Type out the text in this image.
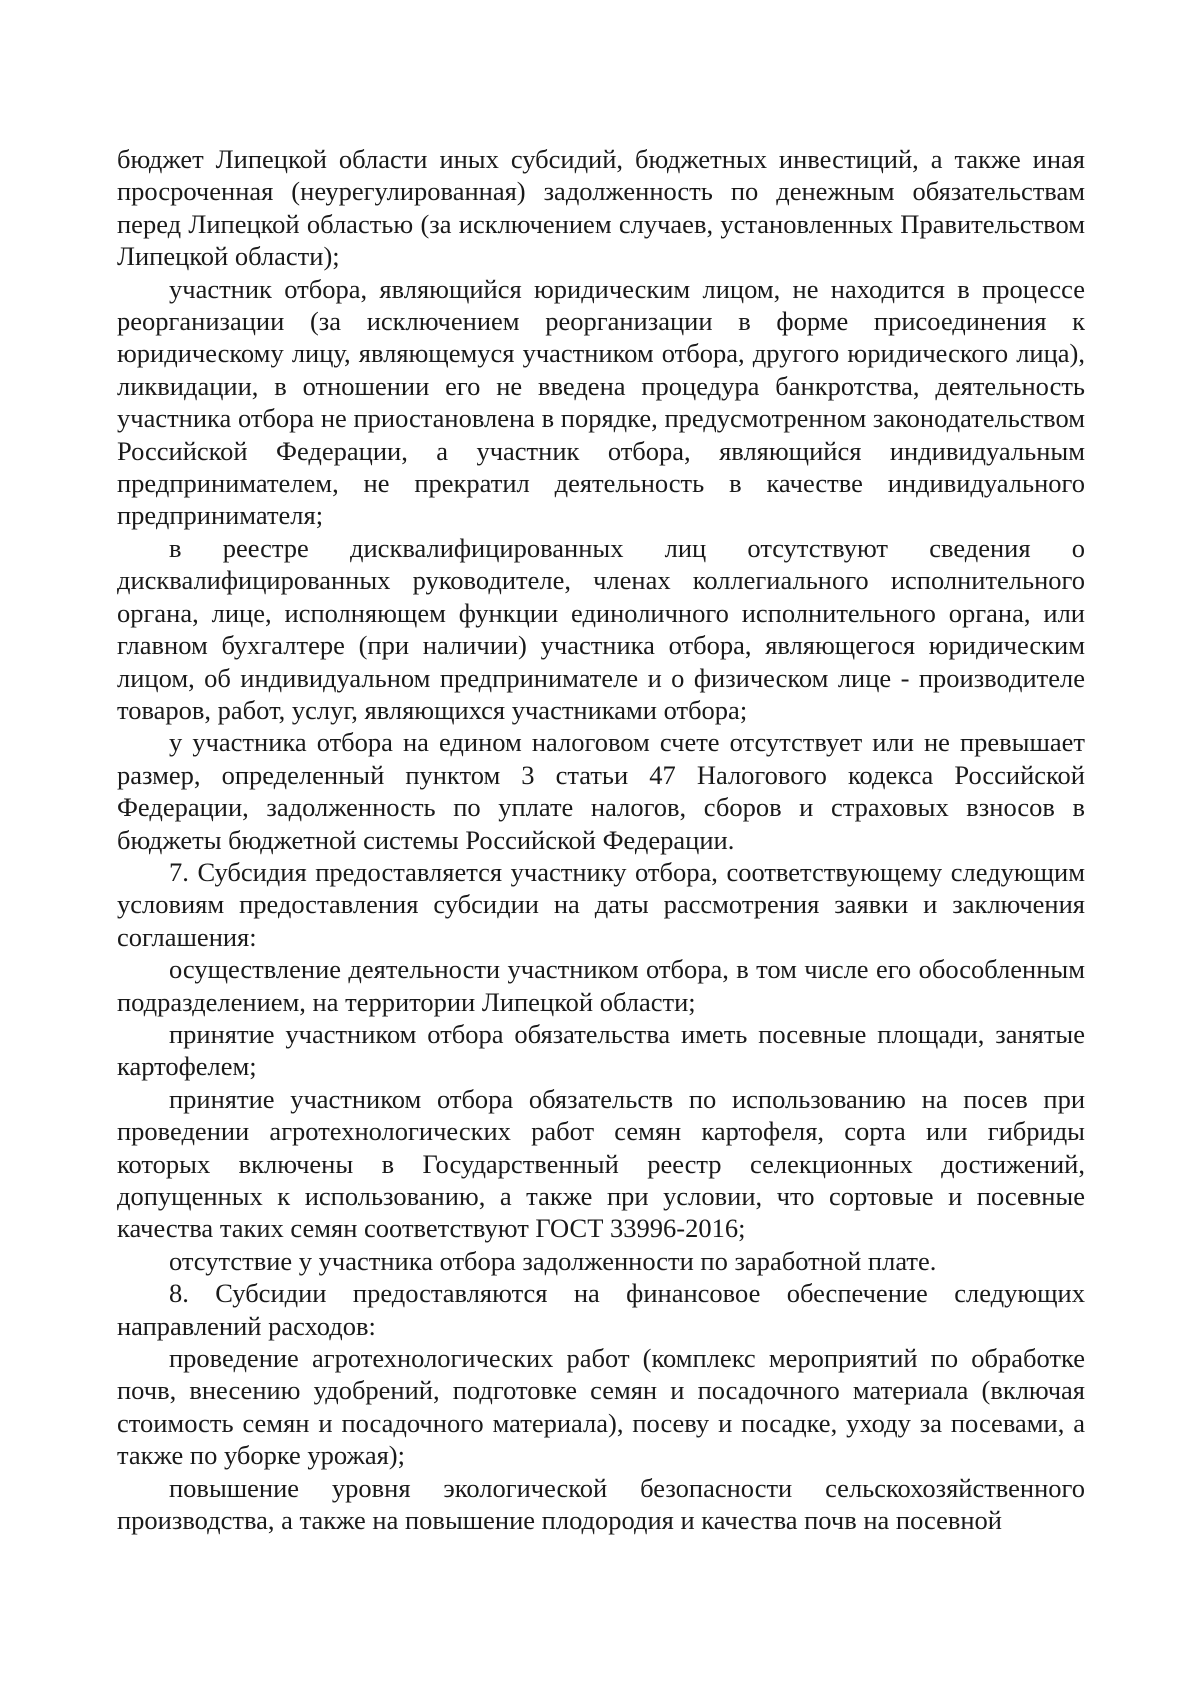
бюджет Липецкой области иных субсидий, бюджетных инвестиций, а также иная просроченная (неурегулированная) задолженность по денежным обязательствам перед Липецкой областью (за исключением случаев, установленных Правительством Липецкой области);

участник отбора, являющийся юридическим лицом, не находится в процессе реорганизации (за исключением реорганизации в форме присоединения к юридическому лицу, являющемуся участником отбора, другого юридического лица), ликвидации, в отношении его не введена процедура банкротства, деятельность участника отбора не приостановлена в порядке, предусмотренном законодательством Российской Федерации, а участник отбора, являющийся индивидуальным предпринимателем, не прекратил деятельность в качестве индивидуального предпринимателя;

в реестре дисквалифицированных лиц отсутствуют сведения о дисквалифицированных руководителе, членах коллегиального исполнительного органа, лице, исполняющем функции единоличного исполнительного органа, или главном бухгалтере (при наличии) участника отбора, являющегося юридическим лицом, об индивидуальном предпринимателе и о физическом лице - производителе товаров, работ, услуг, являющихся участниками отбора;

у участника отбора на едином налоговом счете отсутствует или не превышает размер, определенный пунктом 3 статьи 47 Налогового кодекса Российской Федерации, задолженность по уплате налогов, сборов и страховых взносов в бюджеты бюджетной системы Российской Федерации.

7. Субсидия предоставляется участнику отбора, соответствующему следующим условиям предоставления субсидии на даты рассмотрения заявки и заключения соглашения:

осуществление деятельности участником отбора, в том числе его обособленным подразделением, на территории Липецкой области;

принятие участником отбора обязательства иметь посевные площади, занятые картофелем;

принятие участником отбора обязательств по использованию на посев при проведении агротехнологических работ семян картофеля, сорта или гибриды которых включены в Государственный реестр селекционных достижений, допущенных к использованию, а также при условии, что сортовые и посевные качества таких семян соответствуют ГОСТ 33996-2016;

отсутствие у участника отбора задолженности по заработной плате.

8. Субсидии предоставляются на финансовое обеспечение следующих направлений расходов:

проведение агротехнологических работ (комплекс мероприятий по обработке почв, внесению удобрений, подготовке семян и посадочного материала (включая стоимость семян и посадочного материала), посеву и посадке, уходу за посевами, а также по уборке урожая);

повышение уровня экологической безопасности сельскохозяйственного производства, а также на повышение плодородия и качества почв на посевной
